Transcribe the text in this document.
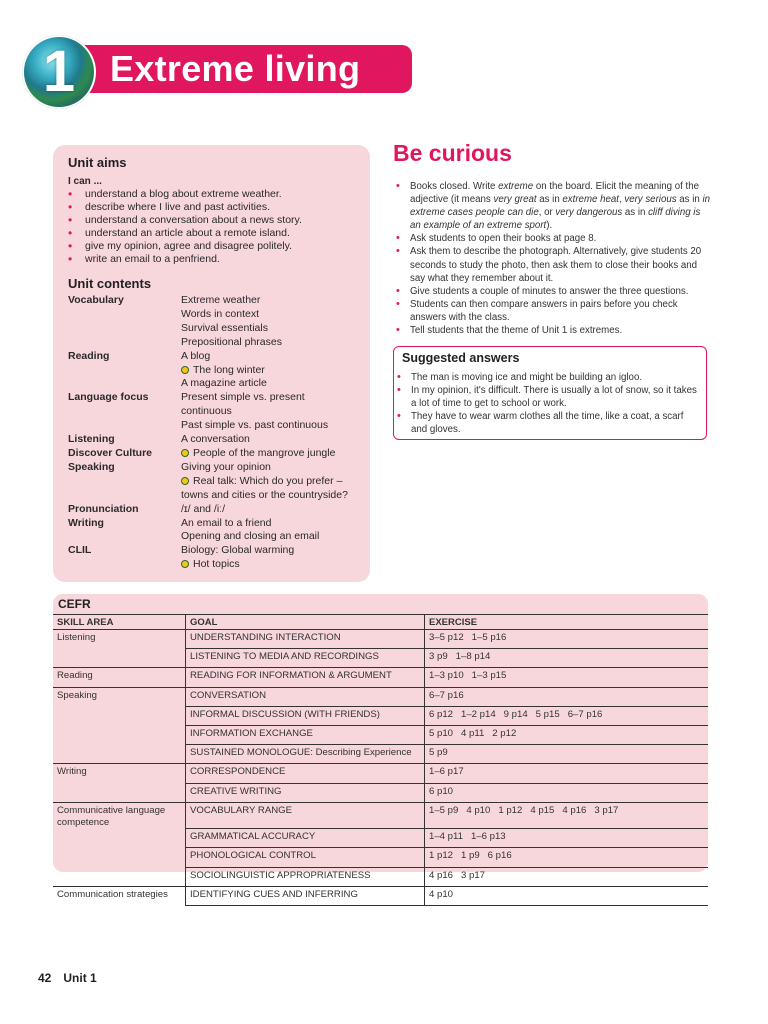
Extreme living
1
Unit aims
I can ...
• understand a blog about extreme weather.
• describe where I live and past activities.
• understand a conversation about a news story.
• understand an article about a remote island.
• give my opinion, agree and disagree politely.
• write an email to a penfriend.
Unit contents
Vocabulary	Extreme weather
Words in context
Survival essentials
Prepositional phrases
Reading	A blog
The long winter
A magazine article
Language focus	Present simple vs. present
continuous
Past simple vs. past continuous
Listening	A conversation
Discover Culture	People of the mangrove jungle
Speaking	Giving your opinion
Real talk: Which do you prefer –
towns and cities or the countryside?
Pronunciation	/ɪ/ and /iː/
Writing	An email to a friend
Opening and closing an email
CLIL	Biology: Global warming
Hot topics
Be curious
• Books closed. Write extreme on the board. Elicit the meaning of the adjective (it means very great as in extreme heat, very serious as in in extreme cases people can die, or very dangerous as in cliff diving is an example of an extreme sport).
• Ask students to open their books at page 8.
• Ask them to describe the photograph. Alternatively, give students 20 seconds to study the photo, then ask them to close their books and say what they remember about it.
• Give students a couple of minutes to answer the three questions.
• Students can then compare answers in pairs before you check answers with the class.
• Tell students that the theme of Unit 1 is extremes.
Suggested answers
• The man is moving ice and might be building an igloo.
• In my opinion, it's difficult. There is usually a lot of snow, so it takes a lot of time to get to school or work.
• They have to wear warm clothes all the time, like a coat, a scarf and gloves.
CEFR
SKILL AREA	GOAL	EXERCISE
Listening	UNDERSTANDING INTERACTION	3–5 p12   1–5 p16
	LISTENING TO MEDIA AND RECORDINGS	3 p9   1–8 p14
Reading	READING FOR INFORMATION & ARGUMENT	1–3 p10   1–3 p15
Speaking	CONVERSATION	6–7 p16
	INFORMAL DISCUSSION (WITH FRIENDS)	6 p12   1–2 p14   9 p14   5 p15   6–7 p16
	INFORMATION EXCHANGE	5 p10   4 p11   2 p12
	SUSTAINED MONOLOGUE: Describing Experience	5 p9
Writing	CORRESPONDENCE	1–6 p17
	CREATIVE WRITING	6 p10
Communicative language competence	VOCABULARY RANGE	1–5 p9   4 p10   1 p12   4 p15   4 p16   3 p17
	GRAMMATICAL ACCURACY	1–4 p11   1–6 p13
	PHONOLOGICAL CONTROL	1 p12   1 p9   6 p16
	SOCIOLINGUISTIC APPROPRIATENESS	4 p16   3 p17
Communication strategies	IDENTIFYING CUES AND INFERRING	4 p10
42 Unit 1
